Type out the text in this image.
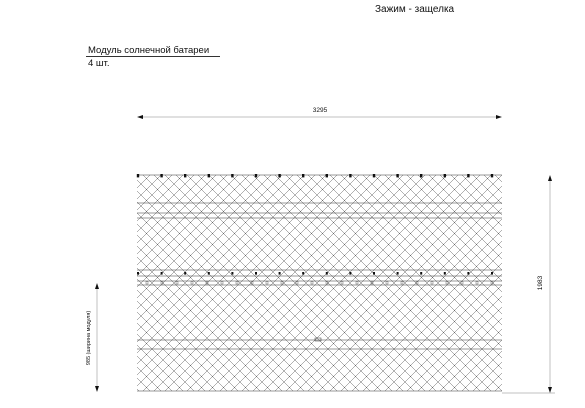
Зажим - защелка
Модуль солнечной батареи
4 шт.
3295
1983
985 (ширина модуля)
